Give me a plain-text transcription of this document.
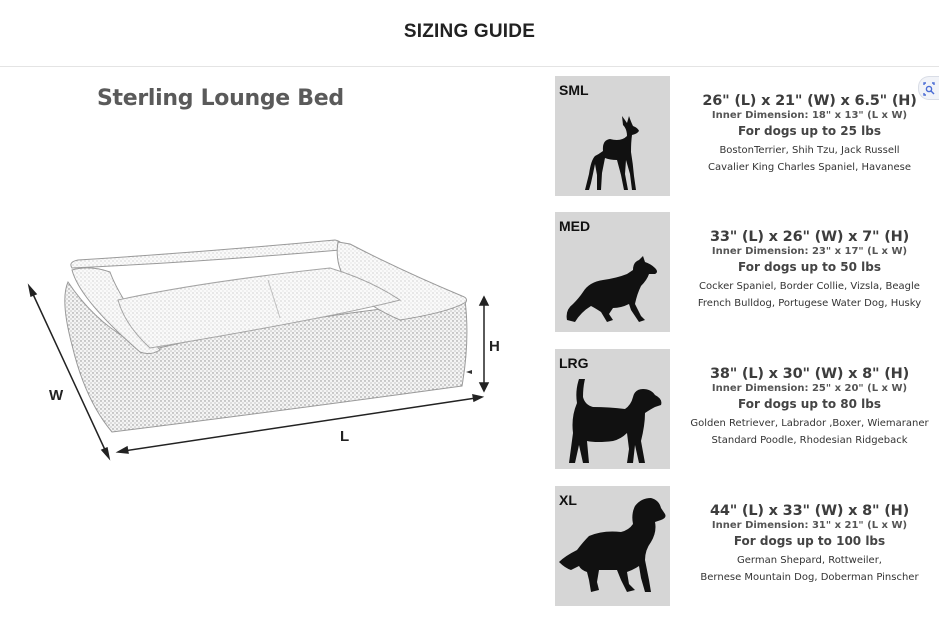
SIZING GUIDE
Sterling Lounge Bed
W
L
H
SML
26" (L) x 21" (W) x 6.5" (H)
Inner Dimension: 18" x 13" (L x W)
For dogs up to 25 lbs
BostonTerrier, Shih Tzu, Jack Russell
Cavalier King Charles Spaniel, Havanese
MED
33" (L) x 26" (W) x 7" (H)
Inner Dimension: 23" x 17" (L x W)
For dogs up to 50 lbs
Cocker Spaniel, Border Collie, Vizsla, Beagle
French Bulldog, Portugese Water Dog, Husky
LRG
38" (L) x 30" (W) x 8" (H)
Inner Dimension: 25" x 20" (L x W)
For dogs up to 80 lbs
Golden Retriever, Labrador ,Boxer, Wiemaraner
Standard Poodle, Rhodesian Ridgeback
XL
44" (L) x 33" (W) x 8" (H)
Inner Dimension: 31" x 21" (L x W)
For dogs up to 100 lbs
German Shepard, Rottweiler,
Bernese Mountain Dog, Doberman Pinscher
